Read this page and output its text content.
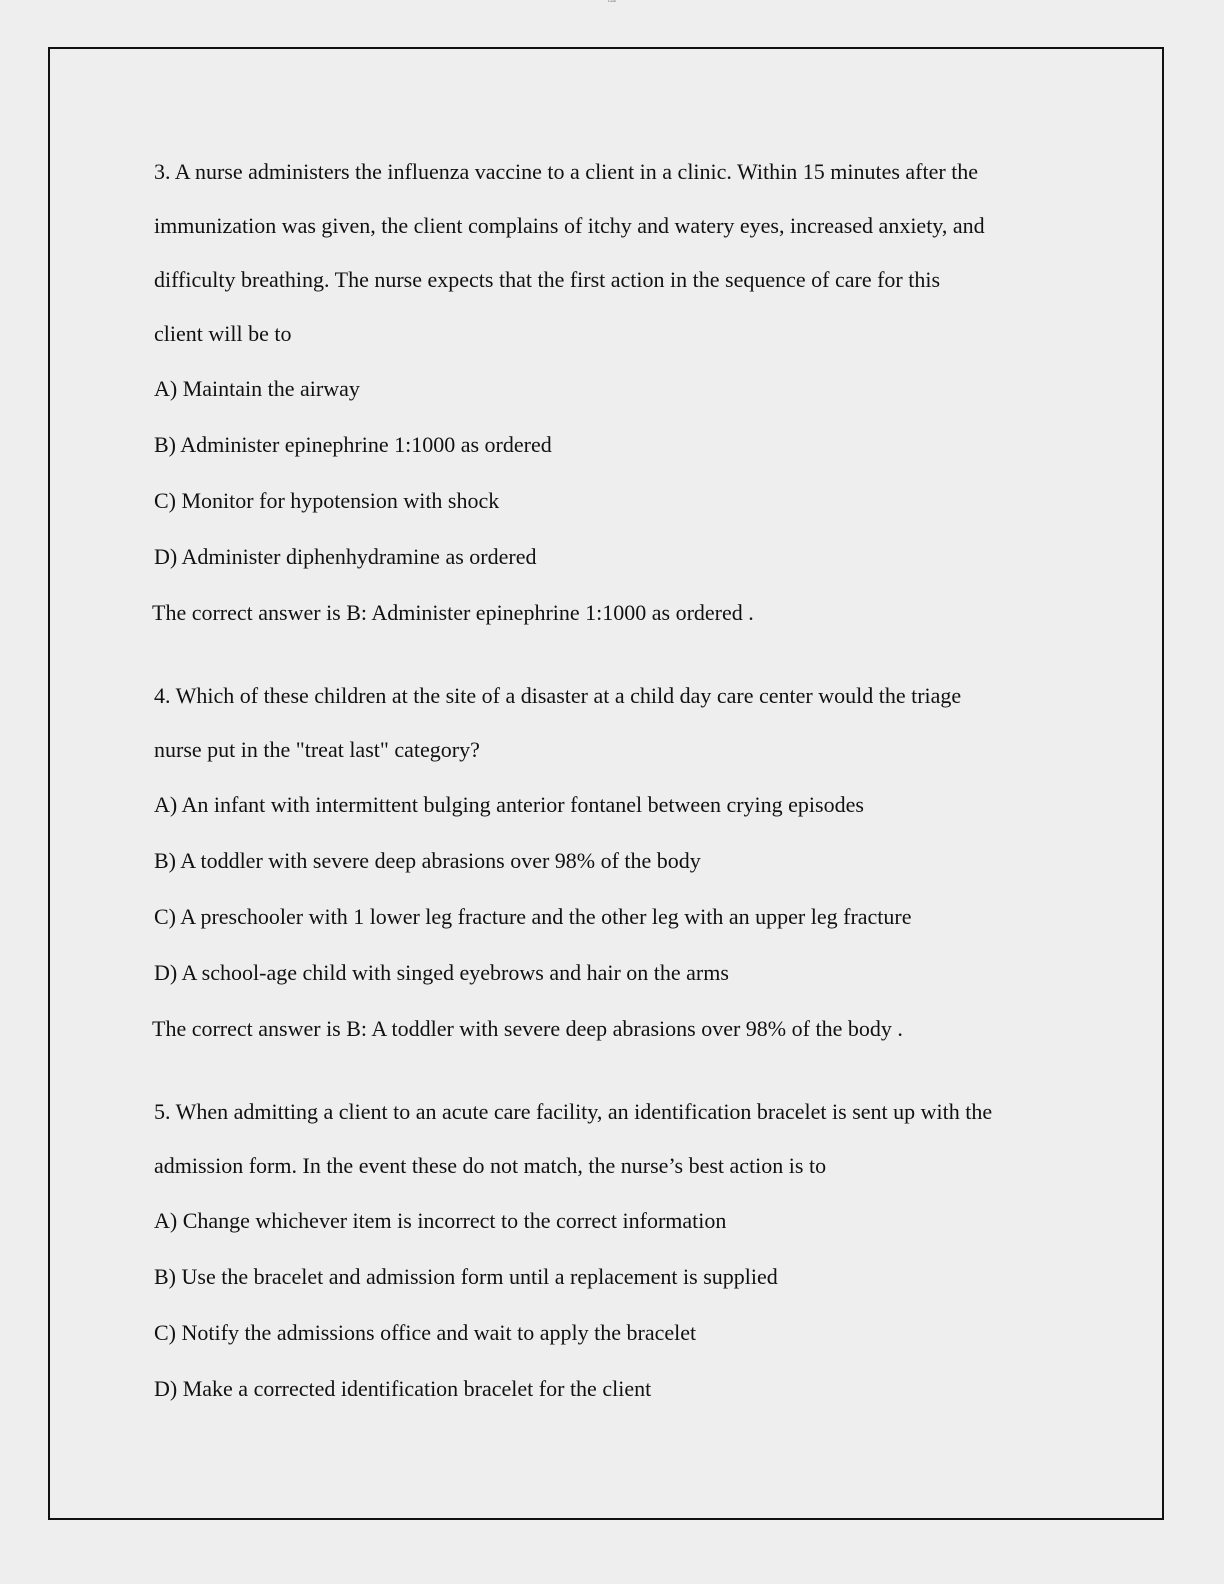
Lorem

3. A nurse administers the influenza vaccine to a client in a clinic. Within 15 minutes after the

immunization was given, the client complains of itchy and watery eyes, increased anxiety, and

difficulty breathing. The nurse expects that the first action in the sequence of care for this

client will be to

A) Maintain the airway

B) Administer epinephrine 1:1000 as ordered

C) Monitor for hypotension with shock

D) Administer diphenhydramine as ordered

The correct answer is B: Administer epinephrine 1:1000 as ordered .

4. Which of these children at the site of a disaster at a child day care center would the triage

nurse put in the "treat last" category?

A) An infant with intermittent bulging anterior fontanel between crying episodes

B) A toddler with severe deep abrasions over 98% of the body

C) A preschooler with 1 lower leg fracture and the other leg with an upper leg fracture

D) A school-age child with singed eyebrows and hair on the arms

The correct answer is B: A toddler with severe deep abrasions over 98% of the body .

5. When admitting a client to an acute care facility, an identification bracelet is sent up with the

admission form. In the event these do not match, the nurse’s best action is to

A) Change whichever item is incorrect to the correct information

B) Use the bracelet and admission form until a replacement is supplied

C) Notify the admissions office and wait to apply the bracelet

D) Make a corrected identification bracelet for the client
